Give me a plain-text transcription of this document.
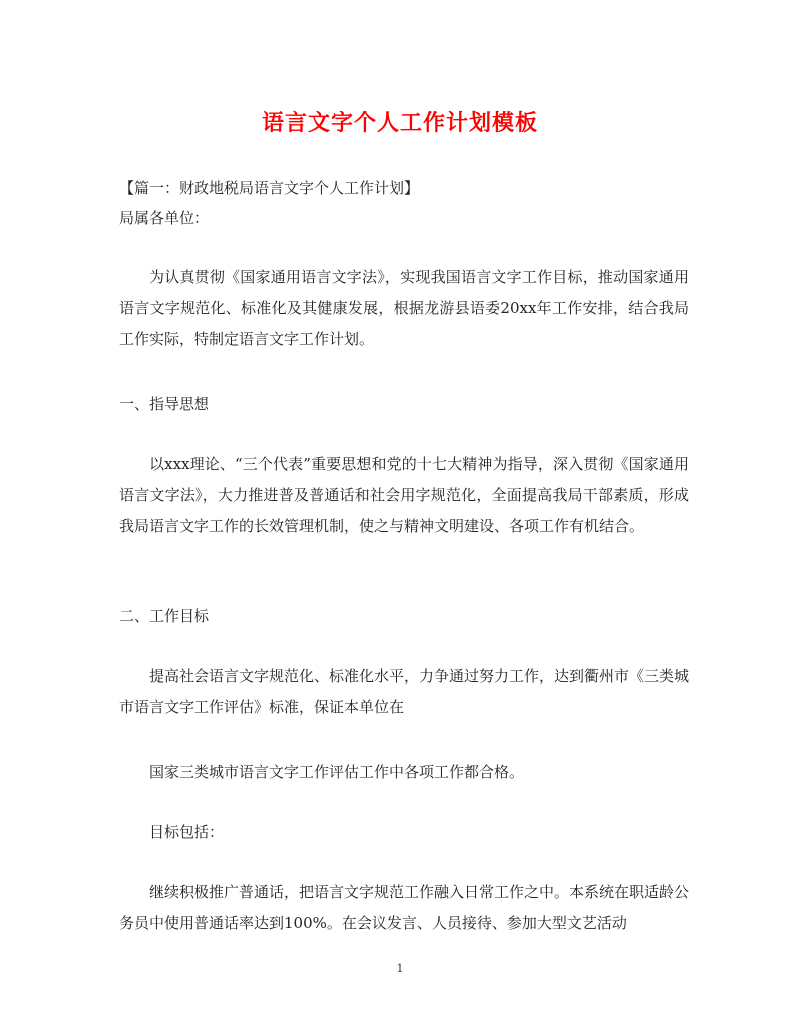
语言文字个人工作计划模板

【篇一：财政地税局语言文字个人工作计划】

局属各单位：

为认真贯彻《国家通用语言文字法》，实现我国语言文字工作目标，推动国家通用语言文字规范化、标准化及其健康发展，根据龙游县语委20xx年工作安排，结合我局工作实际，特制定语言文字工作计划。

一、指导思想

以xxx理论、“三个代表”重要思想和党的十七大精神为指导，深入贯彻《国家通用语言文字法》，大力推进普及普通话和社会用字规范化，全面提高我局干部素质，形成我局语言文字工作的长效管理机制，使之与精神文明建设、各项工作有机结合。

二、工作目标

提高社会语言文字规范化、标准化水平，力争通过努力工作，达到衢州市《三类城市语言文字工作评估》标准，保证本单位在

国家三类城市语言文字工作评估工作中各项工作都合格。

目标包括：

继续积极推广普通话，把语言文字规范工作融入日常工作之中。本系统在职适龄公务员中使用普通话率达到100%。在会议发言、人员接待、参加大型文艺活动

1
